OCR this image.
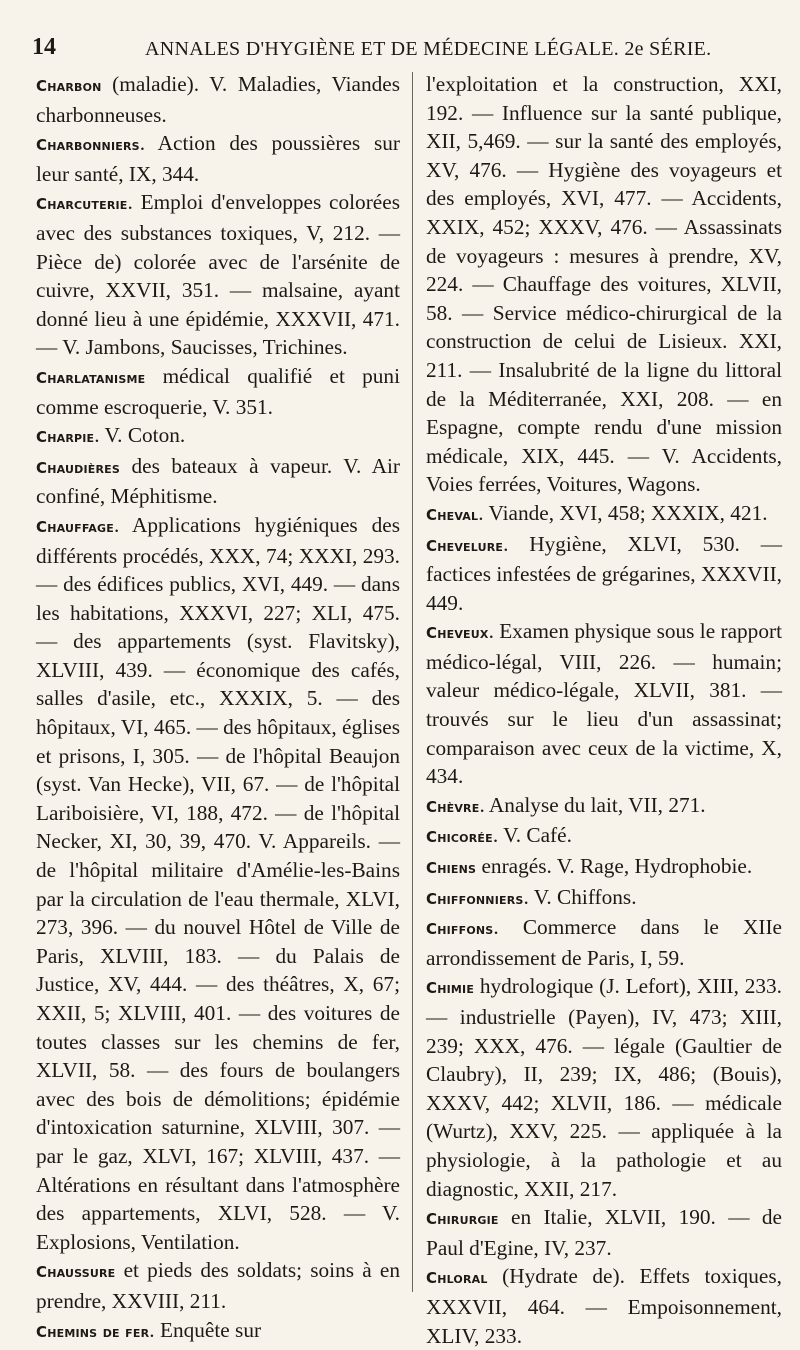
14	ANNALES D'HYGIÈNE ET DE MÉDECINE LÉGALE. 2e SÉRIE.

Charbon (maladie). V. Maladies, Viandes charbonneuses.

Charbonniers. Action des poussières sur leur santé, IX, 344.

Charcuterie. Emploi d'enveloppes colorées avec des substances toxiques, V, 212. — Pièce de) colorée avec de l'arsénite de cuivre, XXVII, 351. — malsaine, ayant donné lieu à une épidémie, XXXVII, 471. — V. Jambons, Saucisses, Trichines.

Charlatanisme médical qualifié et puni comme escroquerie, V. 351.

Charpie. V. Coton.

Chaudières des bateaux à vapeur. V. Air confiné, Méphitisme.

Chauffage. Applications hygiéniques des différents procédés, XXX, 74; XXXI, 293. — des édifices publics, XVI, 449. — dans les habitations, XXXVI, 227; XLI, 475. — des appartements (syst. Flavitsky), XLVIII, 439. — économique des cafés, salles d'asile, etc., XXXIX, 5. — des hôpitaux, VI, 465. — des hôpitaux, églises et prisons, I, 305. — de l'hôpital Beaujon (syst. Van Hecke), VII, 67. — de l'hôpital Lariboisière, VI, 188, 472. — de l'hôpital Necker, XI, 30, 39, 470. V. Appareils. — de l'hôpital militaire d'Amélie-les-Bains par la circulation de l'eau thermale, XLVI, 273, 396. — du nouvel Hôtel de Ville de Paris, XLVIII, 183. — du Palais de Justice, XV, 444. — des théâtres, X, 67; XXII, 5; XLVIII, 401. — des voitures de toutes classes sur les chemins de fer, XLVII, 58. — des fours de boulangers avec des bois de démolitions; épidémie d'intoxication saturnine, XLVIII, 307. — par le gaz, XLVI, 167; XLVIII, 437. — Altérations en résultant dans l'atmosphère des appartements, XLVI, 528. — V. Explosions, Ventilation.

Chaussure et pieds des soldats; soins à en prendre, XXVIII, 211.

Chemins de fer. Enquête sur

l'exploitation et la construction, XXI, 192. — Influence sur la santé publique, XII, 5,469. — sur la santé des employés, XV, 476. — Hygiène des voyageurs et des employés, XVI, 477. — Accidents, XXIX, 452; XXXV, 476. — Assassinats de voyageurs : mesures à prendre, XV, 224. — Chauffage des voitures, XLVII, 58. — Service médico-chirurgical de la construction de celui de Lisieux. XXI, 211. — Insalubrité de la ligne du littoral de la Méditerranée, XXI, 208. — en Espagne, compte rendu d'une mission médicale, XIX, 445. — V. Accidents, Voies ferrées, Voitures, Wagons.

Cheval. Viande, XVI, 458; XXXIX, 421.

Chevelure. Hygiène, XLVI, 530. — factices infestées de grégarines, XXXVII, 449.

Cheveux. Examen physique sous le rapport médico-légal, VIII, 226. — humain; valeur médico-légale, XLVII, 381. — trouvés sur le lieu d'un assassinat; comparaison avec ceux de la victime, X, 434.

Chèvre. Analyse du lait, VII, 271.

Chicorée. V. Café.

Chiens enragés. V. Rage, Hydrophobie.

Chiffonniers. V. Chiffons.

Chiffons. Commerce dans le XIIe arrondissement de Paris, I, 59.

Chimie hydrologique (J. Lefort), XIII, 233. — industrielle (Payen), IV, 473; XIII, 239; XXX, 476. — légale (Gaultier de Claubry), II, 239; IX, 486; (Bouis), XXXV, 442; XLVII, 186. — médicale (Wurtz), XXV, 225. — appliquée à la physiologie, à la pathologie et au diagnostic, XXII, 217.

Chirurgie en Italie, XLVII, 190. — de Paul d'Egine, IV, 237.

Chloral (Hydrate de). Effets toxiques, XXXVII, 464. — Empoisonnement, XLIV, 233.
